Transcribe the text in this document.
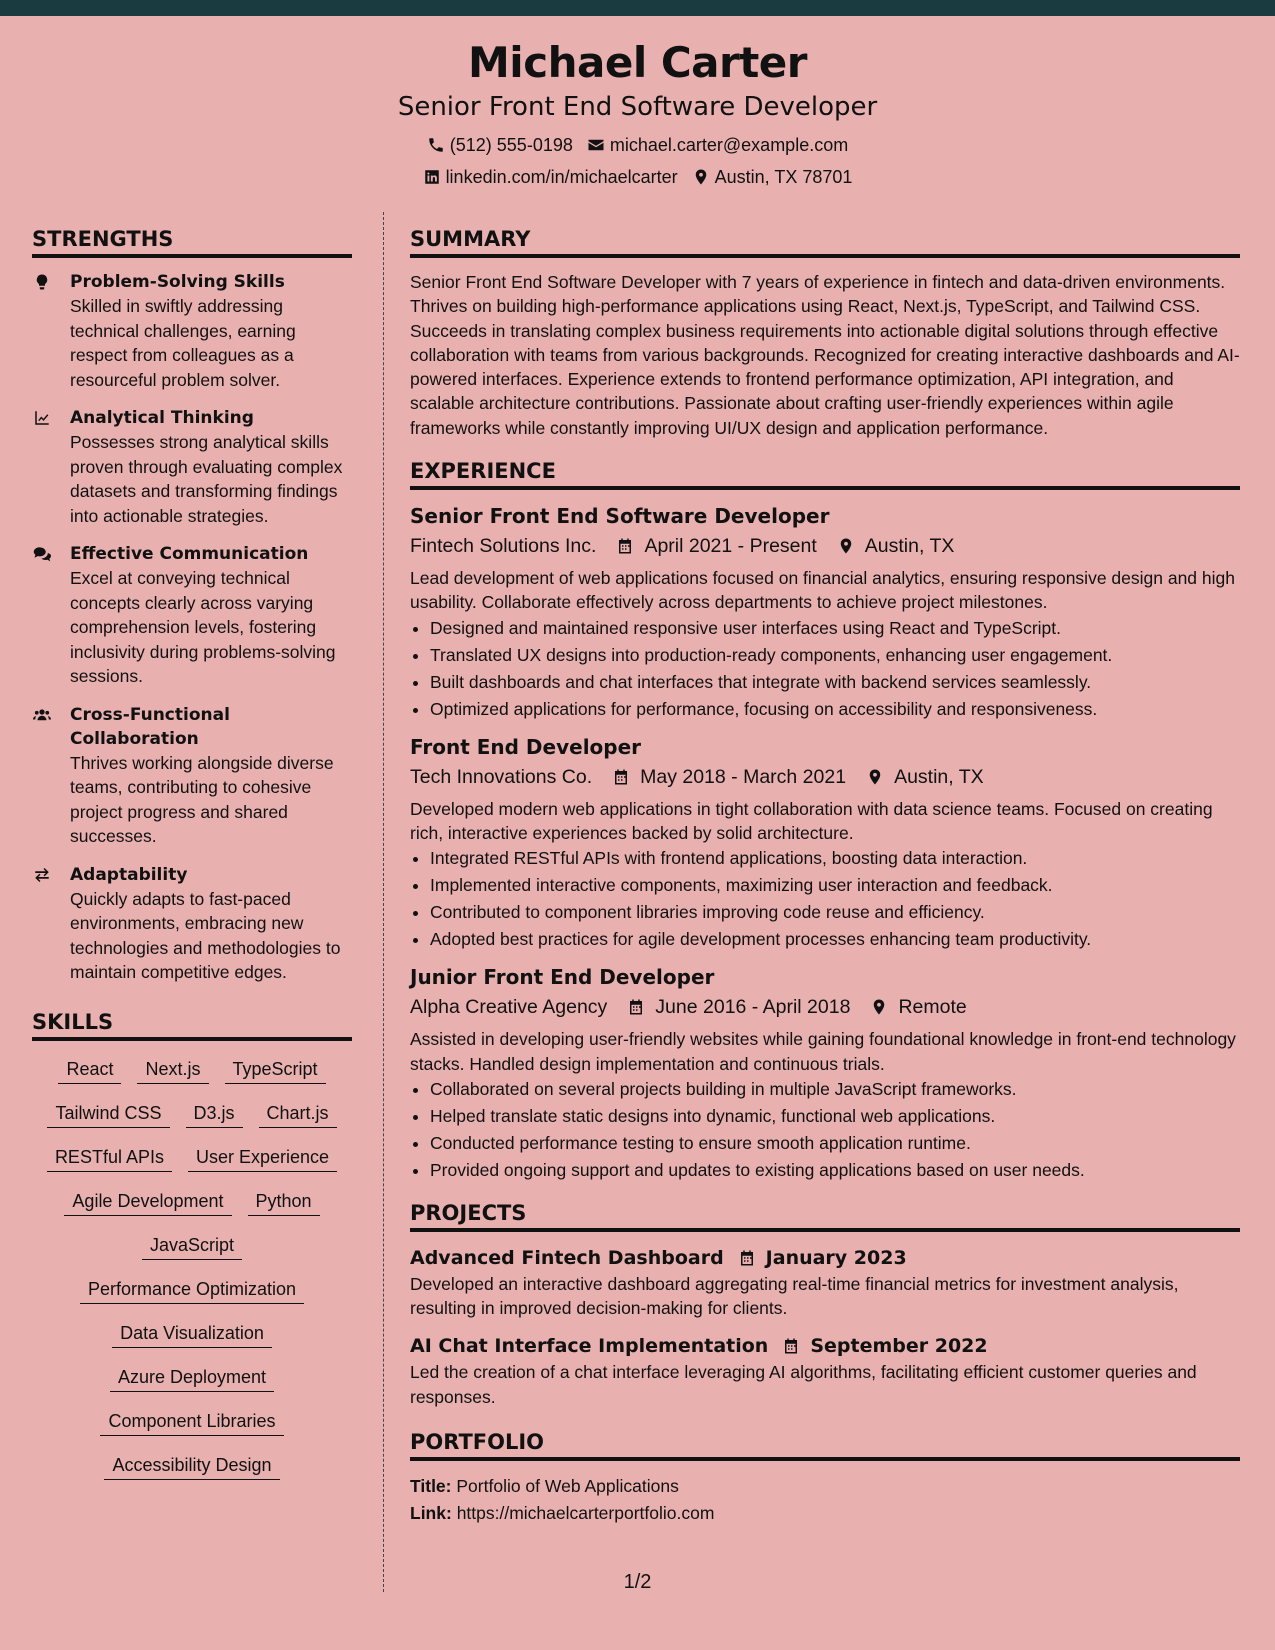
Michael Carter
Senior Front End Software Developer
(512) 555-0198 michael.carter@example.com
linkedin.com/in/michaelcarter Austin, TX 78701
STRENGTHS
Problem-Solving Skills
Skilled in swiftly addressing technical challenges, earning respect from colleagues as a resourceful problem solver.
Analytical Thinking
Possesses strong analytical skills proven through evaluating complex datasets and transforming findings into actionable strategies.
Effective Communication
Excel at conveying technical concepts clearly across varying comprehension levels, fostering inclusivity during problems-solving sessions.
Cross-Functional Collaboration
Thrives working alongside diverse teams, contributing to cohesive project progress and shared successes.
Adaptability
Quickly adapts to fast-paced environments, embracing new technologies and methodologies to maintain competitive edges.
SKILLS
React	Next.js	TypeScript
Tailwind CSS	D3.js	Chart.js
RESTful APIs	User Experience
Agile Development	Python
JavaScript
Performance Optimization
Data Visualization
Azure Deployment
Component Libraries
Accessibility Design
SUMMARY
Senior Front End Software Developer with 7 years of experience in fintech and data-driven environments. Thrives on building high-performance applications using React, Next.js, TypeScript, and Tailwind CSS. Succeeds in translating complex business requirements into actionable digital solutions through effective collaboration with teams from various backgrounds. Recognized for creating interactive dashboards and AI-powered interfaces. Experience extends to frontend performance optimization, API integration, and scalable architecture contributions. Passionate about crafting user-friendly experiences within agile frameworks while constantly improving UI/UX design and application performance.
EXPERIENCE
Senior Front End Software Developer
Fintech Solutions Inc. April 2021 - Present Austin, TX
Lead development of web applications focused on financial analytics, ensuring responsive design and high usability. Collaborate effectively across departments to achieve project milestones.
• Designed and maintained responsive user interfaces using React and TypeScript.
• Translated UX designs into production-ready components, enhancing user engagement.
• Built dashboards and chat interfaces that integrate with backend services seamlessly.
• Optimized applications for performance, focusing on accessibility and responsiveness.
Front End Developer
Tech Innovations Co. May 2018 - March 2021 Austin, TX
Developed modern web applications in tight collaboration with data science teams. Focused on creating rich, interactive experiences backed by solid architecture.
• Integrated RESTful APIs with frontend applications, boosting data interaction.
• Implemented interactive components, maximizing user interaction and feedback.
• Contributed to component libraries improving code reuse and efficiency.
• Adopted best practices for agile development processes enhancing team productivity.
Junior Front End Developer
Alpha Creative Agency June 2016 - April 2018 Remote
Assisted in developing user-friendly websites while gaining foundational knowledge in front-end technology stacks. Handled design implementation and continuous trials.
• Collaborated on several projects building in multiple JavaScript frameworks.
• Helped translate static designs into dynamic, functional web applications.
• Conducted performance testing to ensure smooth application runtime.
• Provided ongoing support and updates to existing applications based on user needs.
PROJECTS
Advanced Fintech Dashboard January 2023
Developed an interactive dashboard aggregating real-time financial metrics for investment analysis, resulting in improved decision-making for clients.
AI Chat Interface Implementation September 2022
Led the creation of a chat interface leveraging AI algorithms, facilitating efficient customer queries and responses.
PORTFOLIO
Title: Portfolio of Web Applications
Link: https://michaelcarterportfolio.com
1/2
